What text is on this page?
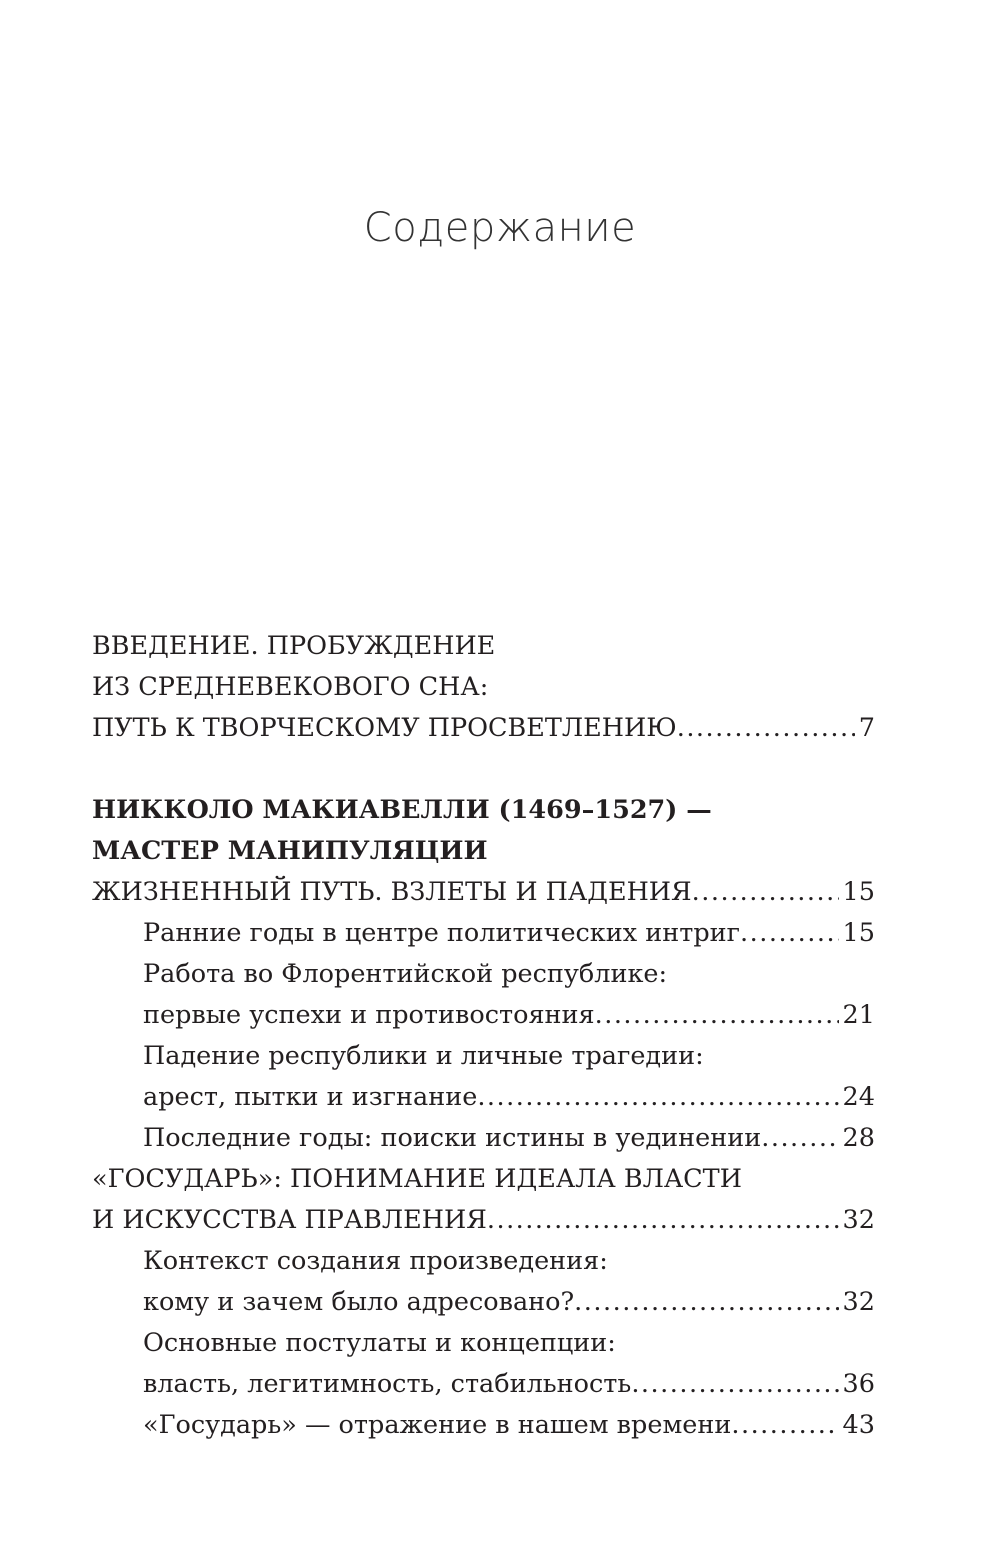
Содержание
ВВЕДЕНИЕ. ПРОБУЖДЕНИЕ
ИЗ СРЕДНЕВЕКОВОГО СНА:
ПУТЬ К ТВОРЧЕСКОМУ ПРОСВЕТЛЕНИЮ .....	7
НИККОЛО МАКИАВЕЛЛИ (1469–1527) —
МАСТЕР МАНИПУЛЯЦИИ
ЖИЗНЕННЫЙ ПУТЬ. ВЗЛЕТЫ И ПАДЕНИЯ .....	15
Ранние годы в центре политических интриг .....	15
Работа во Флорентийской республике:
первые успехи и противостояния .....	21
Падение республики и личные трагедии:
арест, пытки и изгнание .....	24
Последние годы: поиски истины в уединении .....	28
«ГОСУДАРЬ»: ПОНИМАНИЕ ИДЕАЛА ВЛАСТИ
И ИСКУССТВА ПРАВЛЕНИЯ .....	32
Контекст создания произведения:
кому и зачем было адресовано? .....	32
Основные постулаты и концепции:
власть, легитимность, стабильность .....	36
«Государь» — отражение в нашем времени .....	43
